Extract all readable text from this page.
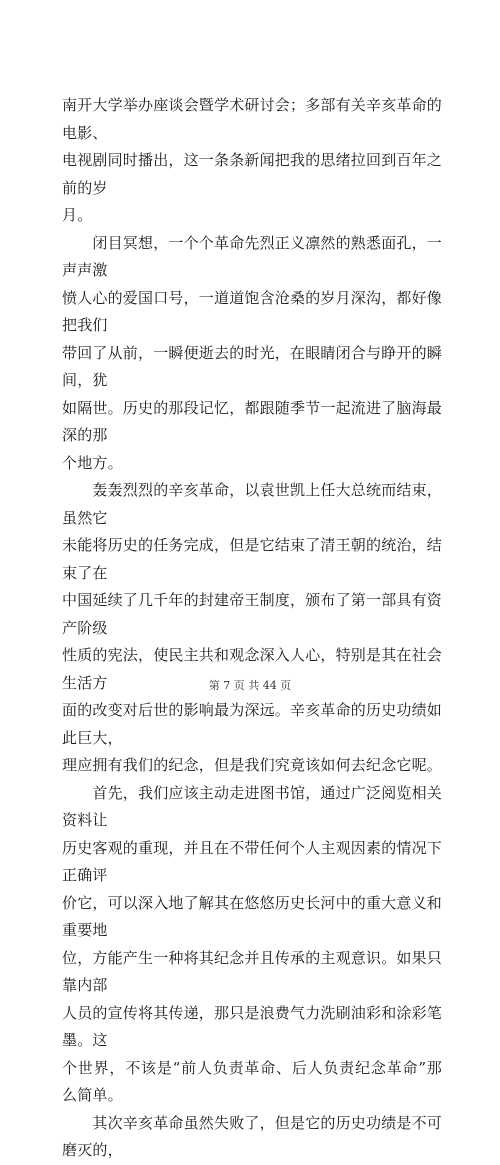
南开大学举办座谈会暨学术研讨会；多部有关辛亥革命的电影、
电视剧同时播出，这一条条新闻把我的思绪拉回到百年之前的岁
月。
　　闭目冥想，一个个革命先烈正义凛然的熟悉面孔，一声声激
愤人心的爱国口号，一道道饱含沧桑的岁月深沟，都好像把我们
带回了从前，一瞬便逝去的时光，在眼睛闭合与睁开的瞬间，犹
如隔世。历史的那段记忆，都跟随季节一起流进了脑海最深的那
个地方。
　　轰轰烈烈的辛亥革命，以袁世凯上任大总统而结束，虽然它
未能将历史的任务完成，但是它结束了清王朝的统治，结束了在
中国延续了几千年的封建帝王制度，颁布了第一部具有资产阶级
性质的宪法，使民主共和观念深入人心，特别是其在社会生活方
面的改变对后世的影响最为深远。辛亥革命的历史功绩如此巨大，
理应拥有我们的纪念，但是我们究竟该如何去纪念它呢。
　　首先，我们应该主动走进图书馆，通过广泛阅览相关资料让
历史客观的重现，并且在不带任何个人主观因素的情况下正确评
价它，可以深入地了解其在悠悠历史长河中的重大意义和重要地
位，方能产生一种将其纪念并且传承的主观意识。如果只靠内部
人员的宣传将其传递，那只是浪费气力洗刷油彩和涂彩笔墨。这
个世界，不该是“前人负责革命、后人负责纪念革命”那么简单。
　　其次辛亥革命虽然失败了，但是它的历史功绩是不可磨灭的，
第 7 页 共 44 页
